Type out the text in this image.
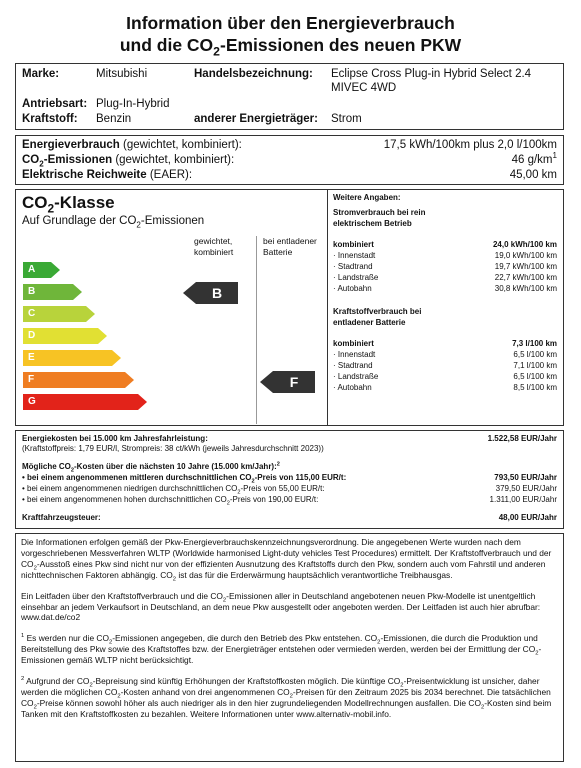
Information über den Energieverbrauch
und die $CO_2$-Emissionen des neuen PKW
Marke:	Mitsubishi	Handelsbezeichnung: Eclipse Cross Plug-in Hybrid Select 2.4 MIVEC 4WD
Antriebsart: Plug-In-Hybrid
Kraftstoff: Benzin	anderer Energieträger: Strom
Energieverbrauch (gewichtet, kombiniert):	17,5 kWh/100km plus 2,0 l/100km
$CO_2$-Emissionen (gewichtet, kombiniert):	46 $g/km^1$
Elektrische Reichweite (EAER):	45,00 km
$CO_2$-Klasse
Auf Grundlage der $CO_2$-Emissionen
gewichtet, kombiniert
bei entladener Batterie
A
B
C
D
E
F
G
B
F
Weitere Angaben:
Stromverbrauch bei rein elektrischem Betrieb
kombiniert	24,0 kWh/100 km
· Innenstadt	19,0 kWh/100 km
· Stadtrand	19,7 kWh/100 km
· Landstraße	22,7 kWh/100 km
· Autobahn	30,8 kWh/100 km
Kraftstoffverbrauch bei entladener Batterie
kombiniert	7,3 l/100 km
· Innenstadt	6,5 l/100 km
· Stadtrand	7,1 l/100 km
· Landstraße	6,5 l/100 km
· Autobahn	8,5 l/100 km
Energiekosten bei 15.000 km Jahresfahrleistung:	1.522,58 EUR/Jahr
(Kraftstoffpreis: 1,79 EUR/l, Strompreis: 38 ct/kWh (jeweils Jahresdurchschnitt 2023))
Mögliche $CO_2$-Kosten über die nächsten 10 Jahre (15.000 km/Jahr):$^2$
• bei einem angenommenen mittleren durchschnittlichen $CO_2$-Preis von 115,00 EUR/t:	793,50 EUR/Jahr
• bei einem angenommenen niedrigen durchschnittlichen $CO_2$-Preis von 55,00 EUR/t:	379,50 EUR/Jahr
• bei einem angenommenen hohen durchschnittlichen $CO_2$-Preis von 190,00 EUR/t:	1.311,00 EUR/Jahr
Kraftfahrzeugsteuer:	48,00 EUR/Jahr

Die Informationen erfolgen gemäß der Pkw-Energieverbrauchskennzeichnungsverordnung. Die angegebenen Werte wurden nach dem vorgeschriebenen Messverfahren WLTP (Worldwide harmonised Light-duty vehicles Test Procedures) ermittelt. Der Kraftstoffverbrauch und der $CO_2$-Ausstoß eines Pkw sind nicht nur von der effizienten Ausnutzung des Kraftstoffs durch den Pkw, sondern auch vom Fahrstil und anderen nichttechnischen Faktoren abhängig. $CO_2$ ist das für die Erderwärmung hauptsächlich verantwortliche Treibhausgas.

Ein Leitfaden über den Kraftstoffverbrauch und die $CO_2$-Emissionen aller in Deutschland angebotenen neuen Pkw-Modelle ist unentgeltlich einsehbar an jedem Verkaufsort in Deutschland, an dem neue Pkw ausgestellt oder angeboten werden. Der Leitfaden ist auch hier abrufbar: www.dat.de/co2

$^1$ Es werden nur die $CO_2$-Emissionen angegeben, die durch den Betrieb des Pkw entstehen. $CO_2$-Emissionen, die durch die Produktion und Bereitstellung des Pkw sowie des Kraftstoffes bzw. der Energieträger entstehen oder vermieden werden, werden bei der Ermittlung der $CO_2$-Emissionen gemäß WLTP nicht berücksichtigt.

$^2$ Aufgrund der $CO_2$-Bepreisung sind künftig Erhöhungen der Kraftstoffkosten möglich. Die künftige $CO_2$-Preisentwicklung ist unsicher, daher werden die möglichen $CO_2$-Kosten anhand von drei angenommenen $CO_2$-Preisen für den Zeitraum 2025 bis 2034 berechnet. Die tatsächlichen $CO_2$-Preise können sowohl höher als auch niedriger als in den hier zugrundeliegenden Modellrechnungen ausfallen. Die $CO_2$-Kosten sind beim Tanken mit den Kraftstoffkosten zu bezahlen. Weitere Informationen unter www.alternativ-mobil.info.
